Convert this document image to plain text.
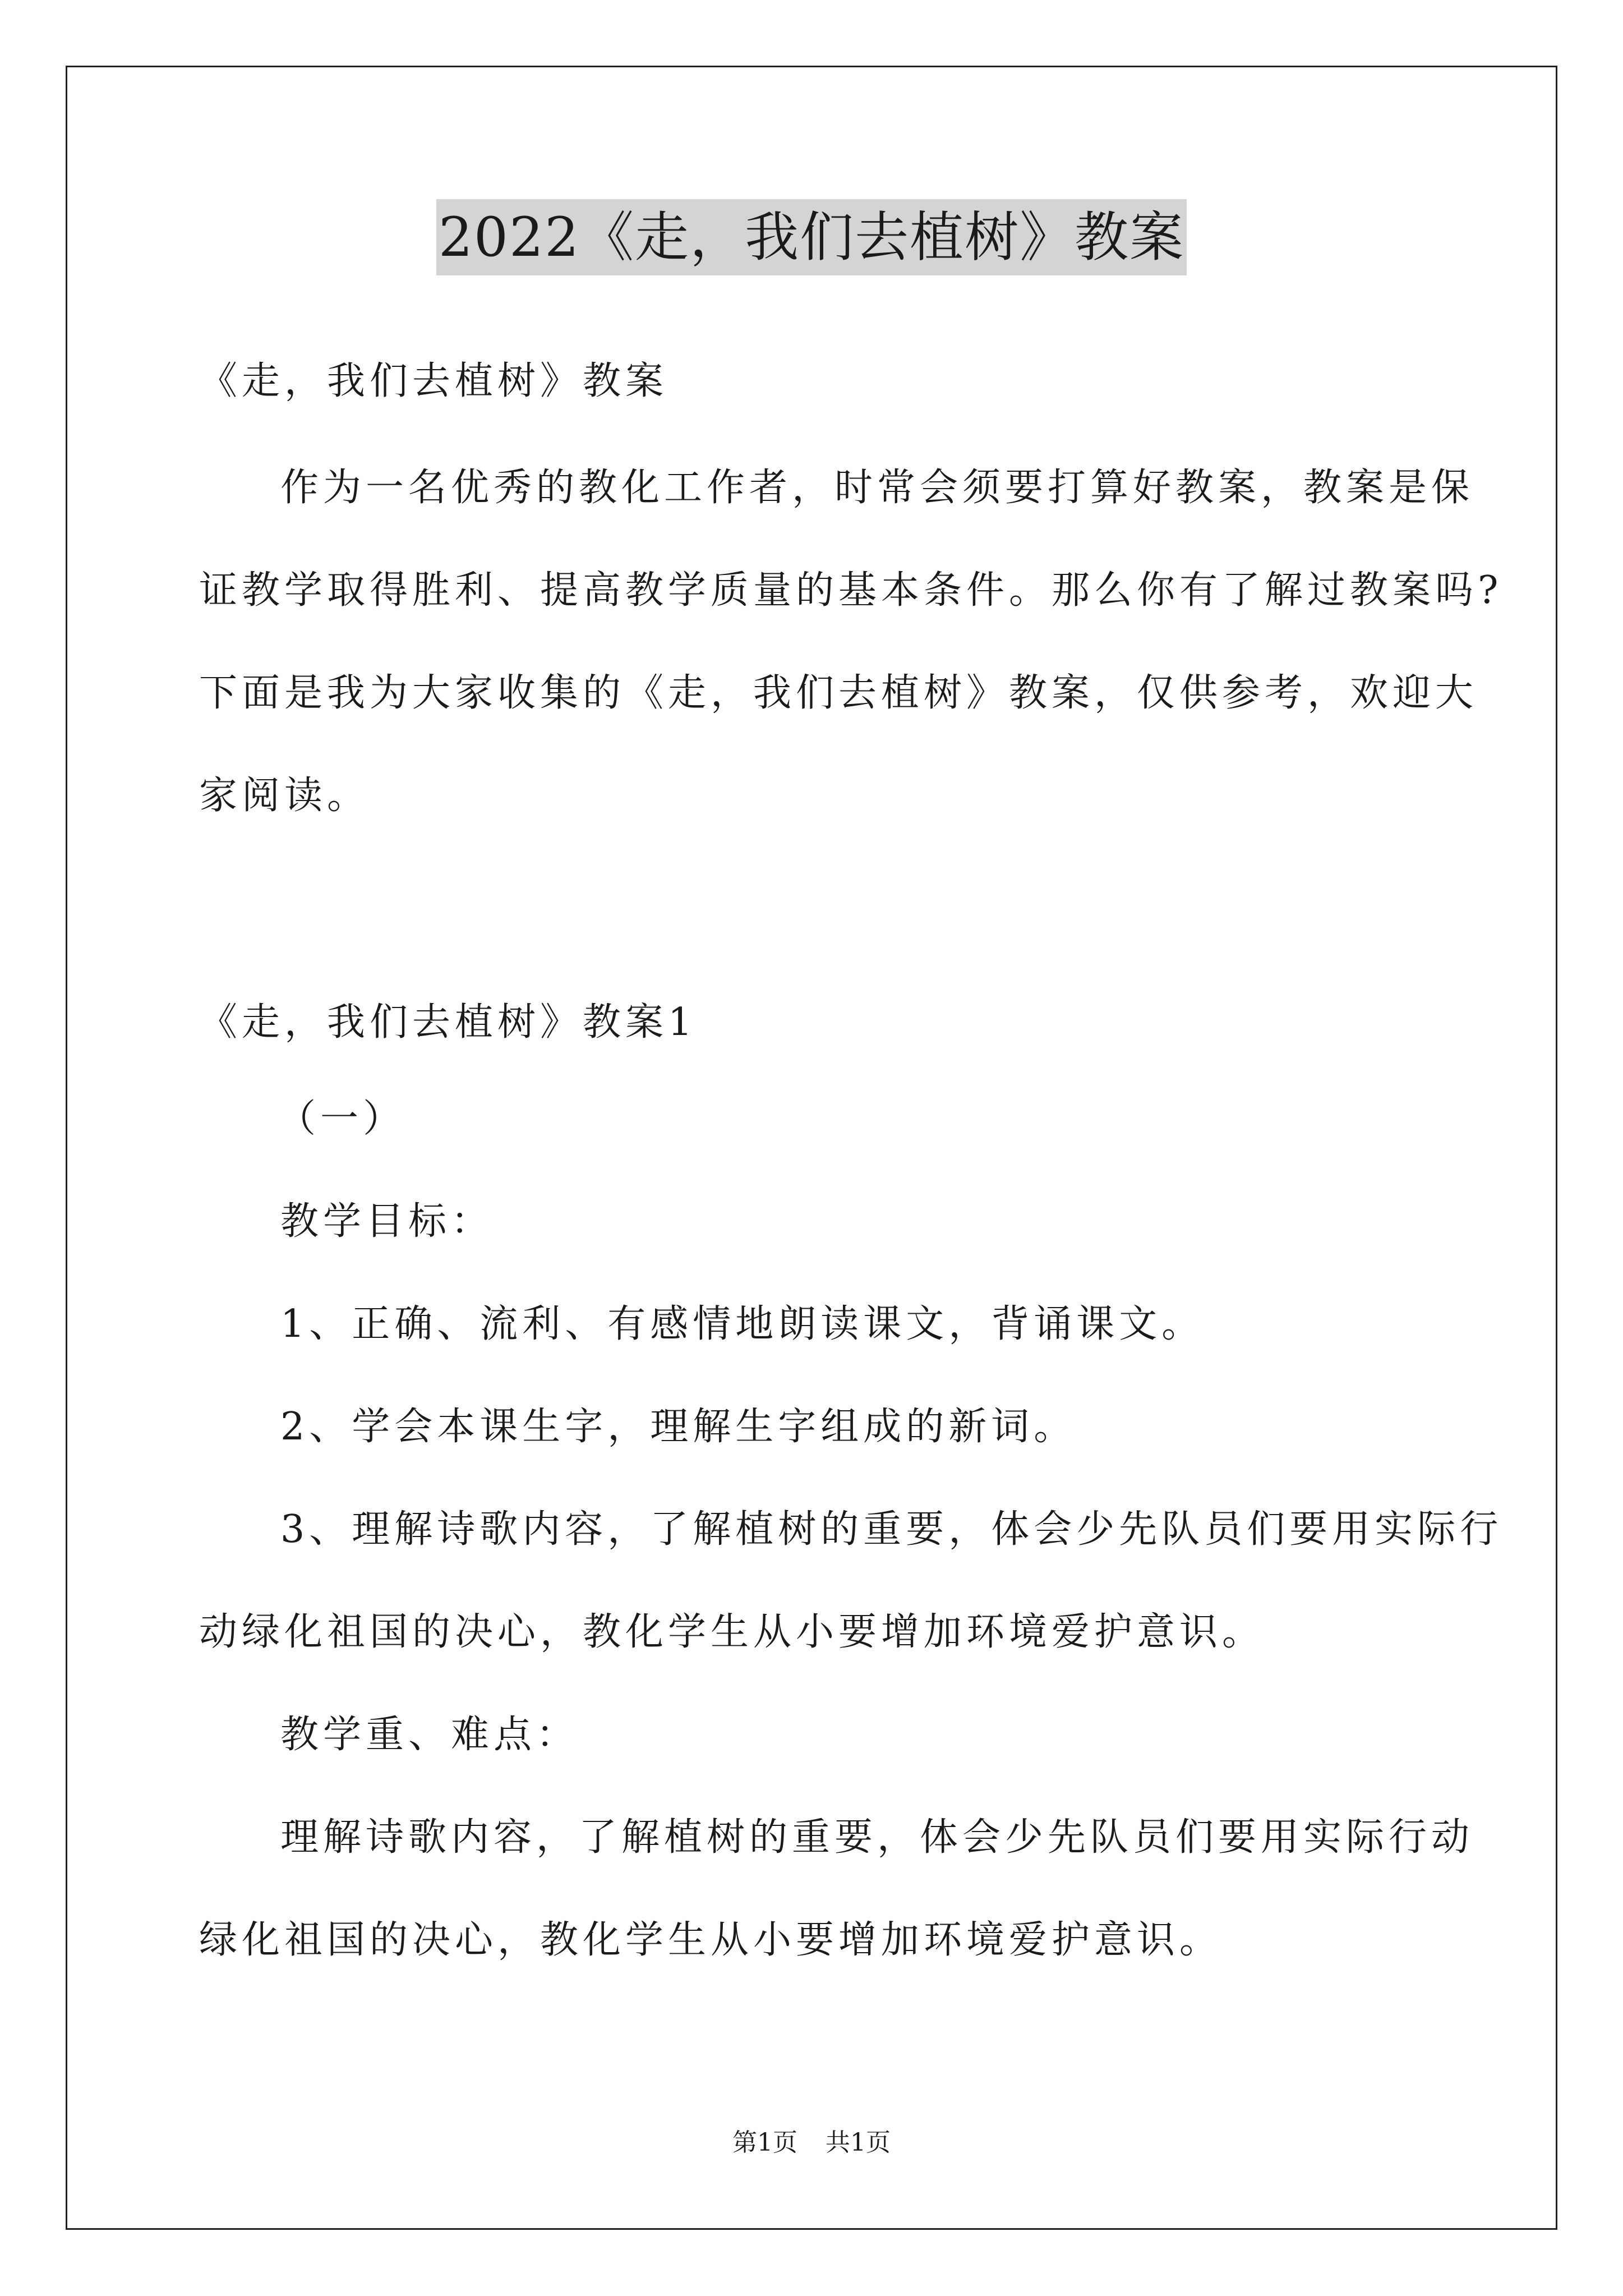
2022《走，我们去植树》教案
《走，我们去植树》教案
作为一名优秀的教化工作者，时常会须要打算好教案，教案是保
证教学取得胜利、提高教学质量的基本条件。那么你有了解过教案吗?
下面是我为大家收集的《走，我们去植树》教案，仅供参考，欢迎大
家阅读。
《走，我们去植树》教案1
（一）
教学目标：
1、正确、流利、有感情地朗读课文，背诵课文。
2、学会本课生字，理解生字组成的新词。
3、理解诗歌内容，了解植树的重要，体会少先队员们要用实际行
动绿化祖国的决心，教化学生从小要增加环境爱护意识。
教学重、难点：
理解诗歌内容，了解植树的重要，体会少先队员们要用实际行动
绿化祖国的决心，教化学生从小要增加环境爱护意识。
第1页 共1页
